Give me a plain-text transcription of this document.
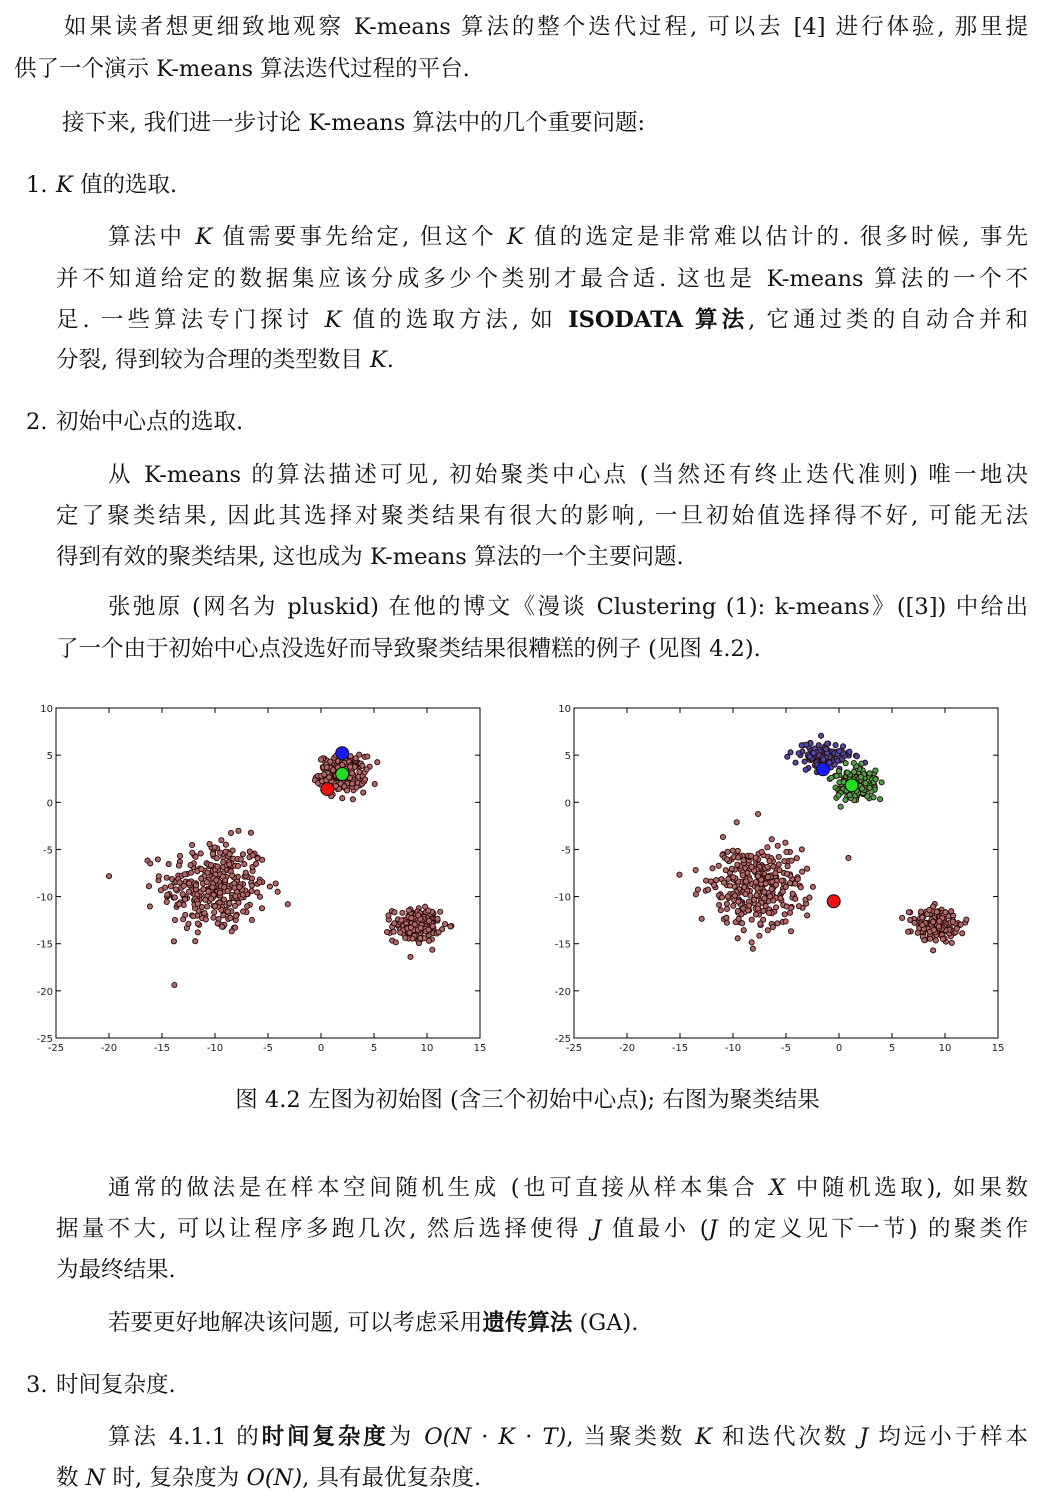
如果读者想更细致地观察 K-means 算法的整个迭代过程, 可以去 [4] 进行体验, 那里提
供了一个演示 K-means 算法迭代过程的平台.
接下来, 我们进一步讨论 K-means 算法中的几个重要问题:
1. K 值的选取.
算法中 K 值需要事先给定, 但这个 K 值的选定是非常难以估计的. 很多时候, 事先
并不知道给定的数据集应该分成多少个类别才最合适. 这也是 K-means 算法的一个不
足. 一些算法专门探讨 K 值的选取方法, 如 ISODATA 算法, 它通过类的自动合并和
分裂, 得到较为合理的类型数目 K.
2. 初始中心点的选取.
从 K-means 的算法描述可见, 初始聚类中心点 (当然还有终止迭代准则) 唯一地决
定了聚类结果, 因此其选择对聚类结果有很大的影响, 一旦初始值选择得不好, 可能无法
得到有效的聚类结果, 这也成为 K-means 算法的一个主要问题.
张弛原 (网名为 pluskid) 在他的博文《漫谈 Clustering (1): k-means》([3]) 中给出
了一个由于初始中心点没选好而导致聚类结果很糟糕的例子 (见图 4.2).
-25	-20	-15	-10	-5	0	5	10	15
10
5
0
-5
-10
-15
-20
-25
-25	-20	-15	-10	-5	0	5	10	15
10
5
0
-5
-10
-15
-20
-25
图 4.2 左图为初始图 (含三个初始中心点); 右图为聚类结果
通常的做法是在样本空间随机生成 (也可直接从样本集合 X 中随机选取), 如果数
据量不大, 可以让程序多跑几次, 然后选择使得 J 值最小 (J 的定义见下一节) 的聚类作
为最终结果.
若要更好地解决该问题, 可以考虑采用遗传算法 (GA).
3. 时间复杂度.
算法 4.1.1 的时间复杂度为 O(N · K · T), 当聚类数 K 和迭代次数 J 均远小于样本
数 N 时, 复杂度为 O(N), 具有最优复杂度.
